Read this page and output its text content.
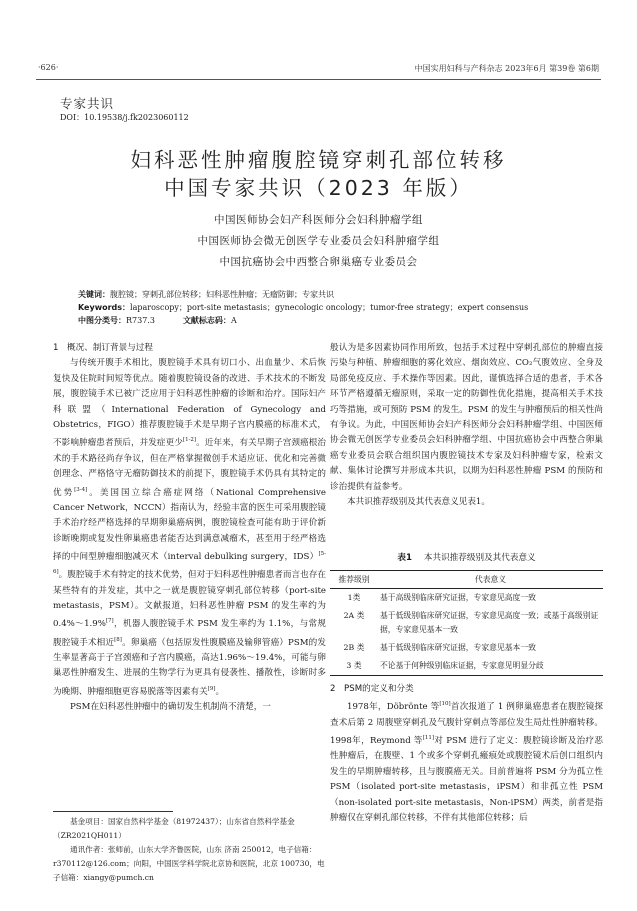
·626·	中国实用妇科与产科杂志 2023年6月 第39卷 第6期
专家共识
DOI：10.19538/j.fk2023060112
妇科恶性肿瘤腹腔镜穿刺孔部位转移
中国专家共识（2023 年版）
中国医师协会妇产科医师分会妇科肿瘤学组
中国医师协会微无创医学专业委员会妇科肿瘤学组
中国抗癌协会中西整合卵巢癌专业委员会
关键词：腹腔镜；穿刺孔部位转移；妇科恶性肿瘤；无瘤防御；专家共识
Keywords：laparoscopy；port-site metastasis；gynecologic oncology；tumor-free strategy；expert consensus
中图分类号：R737.3	文献标志码：A

1　概况、制订背景与过程

与传统开腹手术相比，腹腔镜手术具有切口小、出血量少、术后恢复快及住院时间短等优点。随着腹腔镜设备的改进、手术技术的不断发展，腹腔镜手术已被广泛应用于妇科恶性肿瘤的诊断和治疗。国际妇产科联盟（International Federation of Gynecology and Obstetrics，FIGO）推荐腹腔镜手术是早期子宫内膜癌的标准术式，不影响肿瘤患者预后，并发症更少[1-2]。近年来，有关早期子宫颈癌根治术的手术路径尚存争议，但在严格掌握微创手术适应证、优化和完善微创理念、严格恪守无瘤防御技术的前提下，腹腔镜手术仍具有其特定的优势[3-4]。美国国立综合癌症网络（National Comprehensive Cancer Network，NCCN）指南认为，经验丰富的医生可采用腹腔镜手术治疗经严格选择的早期卵巢癌病例，腹腔镜检查可能有助于评价新诊断晚期或复发性卵巢癌患者能否达到满意减瘤术，甚至用于经严格选择的中间型肿瘤细胞减灭术（interval debulking surgery，IDS）[5-6]。腹腔镜手术有特定的技术优势，但对于妇科恶性肿瘤患者而言也存在某些特有的并发症，其中之一就是腹腔镜穿刺孔部位转移（port-site metastasis，PSM）。文献报道，妇科恶性肿瘤 PSM 的发生率约为 0.4%～1.9%[7]，机器人腹腔镜手术 PSM 发生率约为 1.1%，与常规腹腔镜手术相近[8]。卵巢癌（包括原发性腹膜癌及输卵管癌）PSM的发生率显著高于子宫颈癌和子宫内膜癌，高达1.96%～19.4%，可能与卵巢恶性肿瘤发生、进展的生物学行为更具有侵袭性、播散性，诊断时多为晚期、肿瘤细胞更容易脱落等因素有关[9]。

PSM在妇科恶性肿瘤中的确切发生机制尚不清楚，一

基金项目：国家自然科学基金（81972437）；山东省自然科学基金（ZR2021QH011）

通讯作者：张师前，山东大学齐鲁医院，山东 济南 250012，电子信箱：r370112@126.com；向阳，中国医学科学院北京协和医院，北京 100730，电子信箱：xiangy@pumch.cn

般认为是多因素协同作用所致，包括手术过程中穿刺孔部位的肿瘤直接污染与种植、肿瘤细胞的雾化效应、烟囱效应、CO₂气腹效应、全身及局部免疫反应、手术操作等因素。因此，谨慎选择合适的患者，手术各环节严格遵循无瘤原则，采取一定的防御性优化措施，提高相关手术技巧等措施，或可预防 PSM 的发生。PSM 的发生与肿瘤预后的相关性尚有争议。为此，中国医师协会妇产科医师分会妇科肿瘤学组、中国医师协会微无创医学专业委员会妇科肿瘤学组、中国抗癌协会中西整合卵巢癌专业委员会联合组织国内腹腔镜技术专家及妇科肿瘤专家，检索文献、集体讨论撰写并形成本共识，以期为妇科恶性肿瘤 PSM 的预防和诊治提供有益参考。

本共识推荐级别及其代表意义见表1。

表1 本共识推荐级别及其代表意义
推荐级别	代表意义
1类	基于高级别临床研究证据，专家意见高度一致
2A 类	基于低级别临床研究证据，专家意见高度一致；或基于高级别证据，专家意见基本一致
2B 类	基于低级别临床研究证据，专家意见基本一致
3 类	不论基于何种级别临床证据，专家意见明显分歧

2　PSM的定义和分类

1978年，Döbrönte 等[10]首次报道了 1 例卵巢癌患者在腹腔镜探查术后第 2 周腹壁穿刺孔及气腹针穿刺点等部位发生局灶性肿瘤转移。1998年，Reymond 等[11]对 PSM 进行了定义：腹腔镜诊断及治疗恶性肿瘤后，在腹壁、1 个或多个穿刺孔瘢痕处或腹腔镜术后创口组织内发生的早期肿瘤转移，且与腹膜癌无关。目前普遍将 PSM 分为孤立性PSM（isolated port-site metastasis，iPSM）和非孤立性 PSM（non-isolated port-site metastasis，Non-iPSM）两类，前者是指肿瘤仅在穿刺孔部位转移，不伴有其他部位转移；后
